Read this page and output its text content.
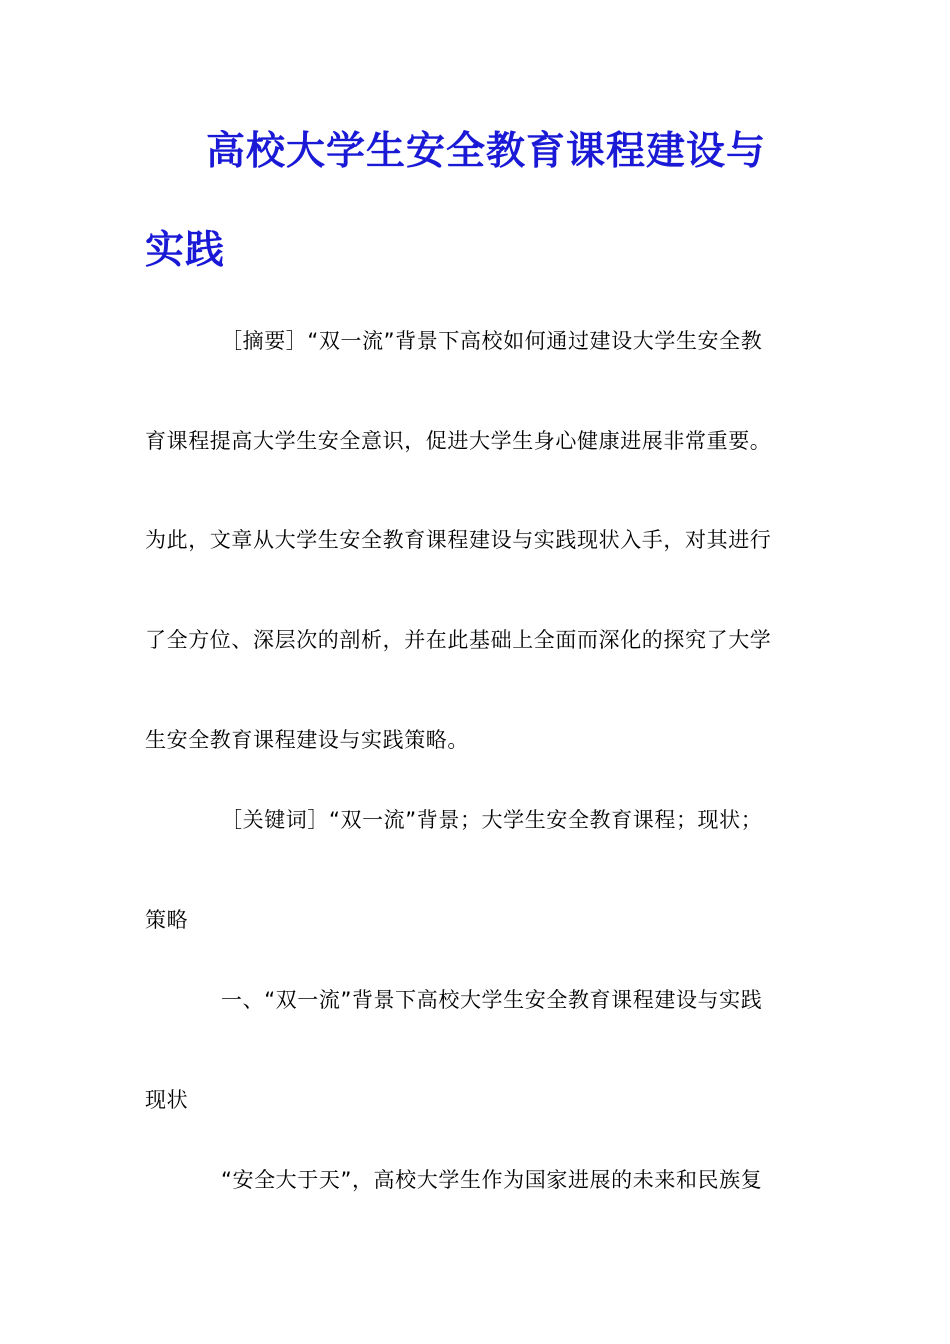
高校大学生安全教育课程建设与
实践
［摘要］“双一流”背景下高校如何通过建设大学生安全教
育课程提高大学生安全意识，促进大学生身心健康进展非常重要。
为此，文章从大学生安全教育课程建设与实践现状入手，对其进行
了全方位、深层次的剖析，并在此基础上全面而深化的探究了大学
生安全教育课程建设与实践策略。
［关键词］“双一流”背景；大学生安全教育课程；现状；
策略
一、“双一流”背景下高校大学生安全教育课程建设与实践
现状
“安全大于天”，高校大学生作为国家进展的未来和民族复
